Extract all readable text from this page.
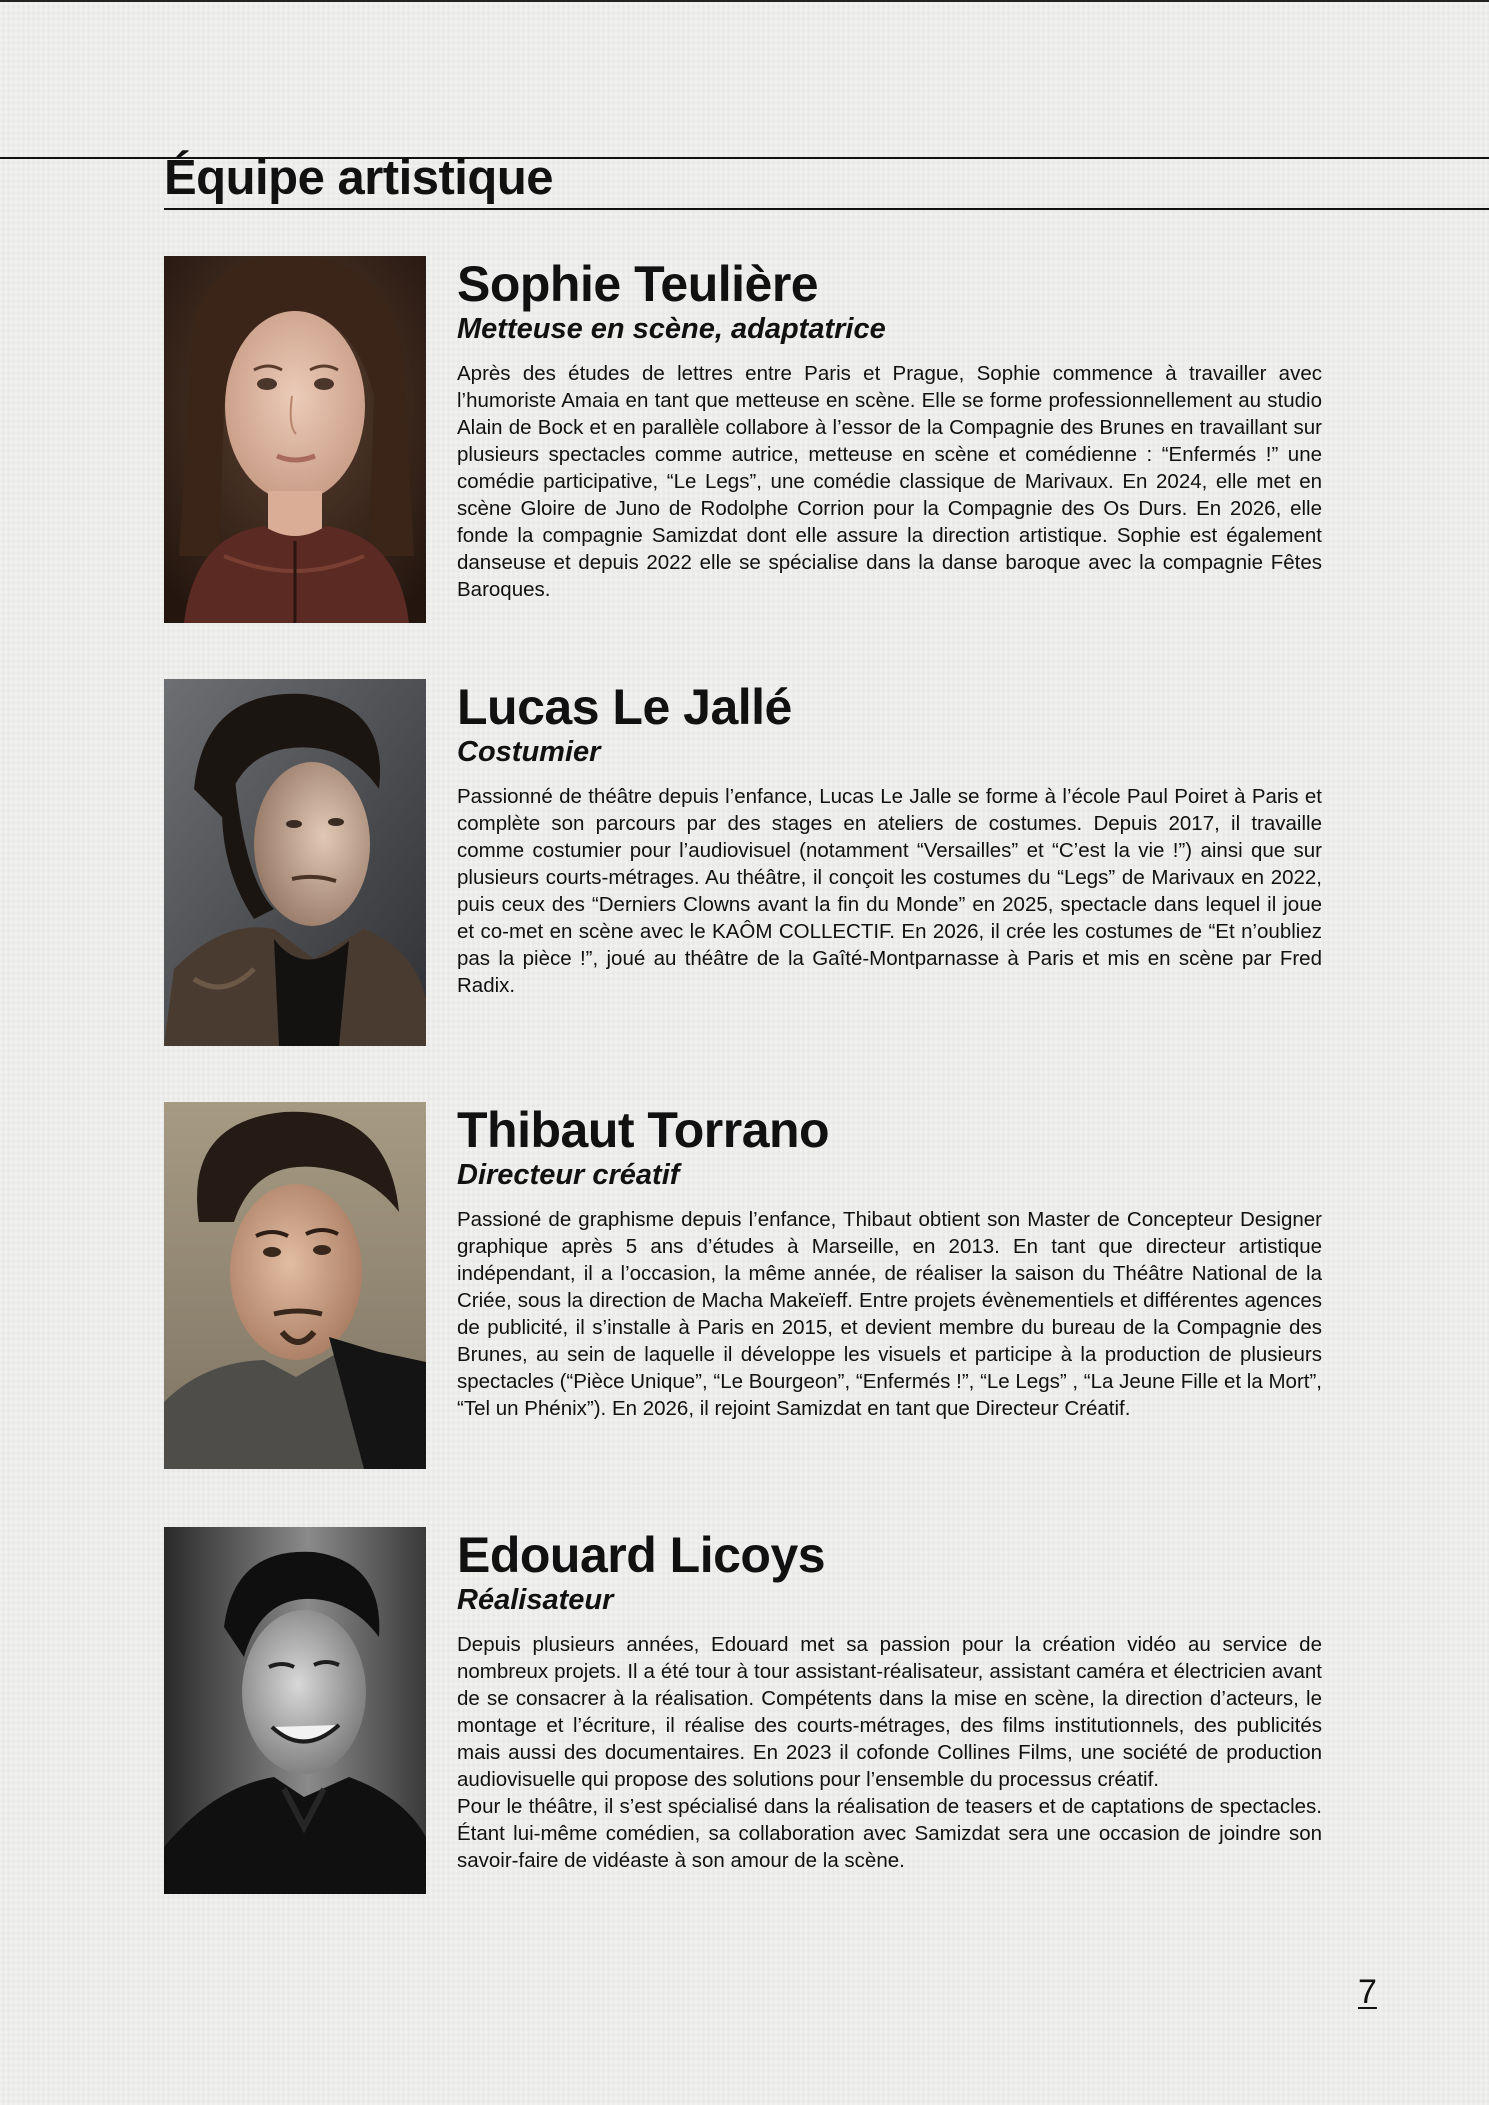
Équipe artistique
Sophie Teulière
Metteuse en scène, adaptatrice

Après des études de lettres entre Paris et Prague, Sophie commence à travailler avec l’humoriste Amaia en tant que metteuse en scène. Elle se forme professionnellement au studio Alain de Bock et en parallèle collabore à l’essor de la Compagnie des Brunes en travaillant sur plusieurs spectacles comme autrice, metteuse en scène et comédienne : “Enfermés !” une comédie participative, “Le Legs”, une comédie classique de Marivaux. En 2024, elle met en scène Gloire de Juno de Rodolphe Corrion pour la Compagnie des Os Durs. En 2026, elle fonde la compagnie Samizdat dont elle assure la direction artistique. Sophie est également danseuse et depuis 2022 elle se spécialise dans la danse baroque avec la compagnie Fêtes Baroques.

Lucas Le Jallé
Costumier

Passionné de théâtre depuis l’enfance, Lucas Le Jalle se forme à l’école Paul Poiret à Paris et complète son parcours par des stages en ateliers de costumes. Depuis 2017, il travaille comme costumier pour l’audiovisuel (notamment “Versailles” et “C’est la vie !”) ainsi que sur plusieurs courts-métrages. Au théâtre, il conçoit les costumes du “Legs” de Marivaux en 2022, puis ceux des “Derniers Clowns avant la fin du Monde” en 2025, spectacle dans lequel il joue et co-met en scène avec le KAÔM COLLECTIF. En 2026, il crée les costumes de “Et n’oubliez pas la pièce !”, joué au théâtre de la Gaîté-Montparnasse à Paris et mis en scène par Fred Radix.

Thibaut Torrano
Directeur créatif

Passioné de graphisme depuis l’enfance, Thibaut obtient son Master de Concepteur Designer graphique après 5 ans d’études à Marseille, en 2013. En tant que directeur artistique indépendant, il a l’occasion, la même année, de réaliser la saison du Théâtre National de la Criée, sous la direction de Macha Makeïeff. Entre projets évènementiels et différentes agences de publicité, il s’installe à Paris en 2015, et devient membre du bureau de la Compagnie des Brunes, au sein de laquelle il développe les visuels et participe à la production de plusieurs spectacles (“Pièce Unique”, “Le Bourgeon”, “Enfermés !”, “Le Legs” , “La Jeune Fille et la Mort”, “Tel un Phénix”). En 2026, il rejoint Samizdat en tant que Directeur Créatif.

Edouard Licoys
Réalisateur

Depuis plusieurs années, Edouard met sa passion pour la création vidéo au service de nombreux projets. Il a été tour à tour assistant-réalisateur, assistant caméra et électricien avant de se consacrer à la réalisation. Compétents dans la mise en scène, la direction d’acteurs, le montage et l’écriture, il réalise des courts-métrages, des films institutionnels, des publicités mais aussi des documentaires. En 2023 il cofonde Collines Films, une société de production audiovisuelle qui propose des solutions pour l’ensemble du processus créatif.

Pour le théâtre, il s’est spécialisé dans la réalisation de teasers et de captations de spectacles. Étant lui-même comédien, sa collaboration avec Samizdat sera une occasion de joindre son savoir-faire de vidéaste à son amour de la scène.

7
